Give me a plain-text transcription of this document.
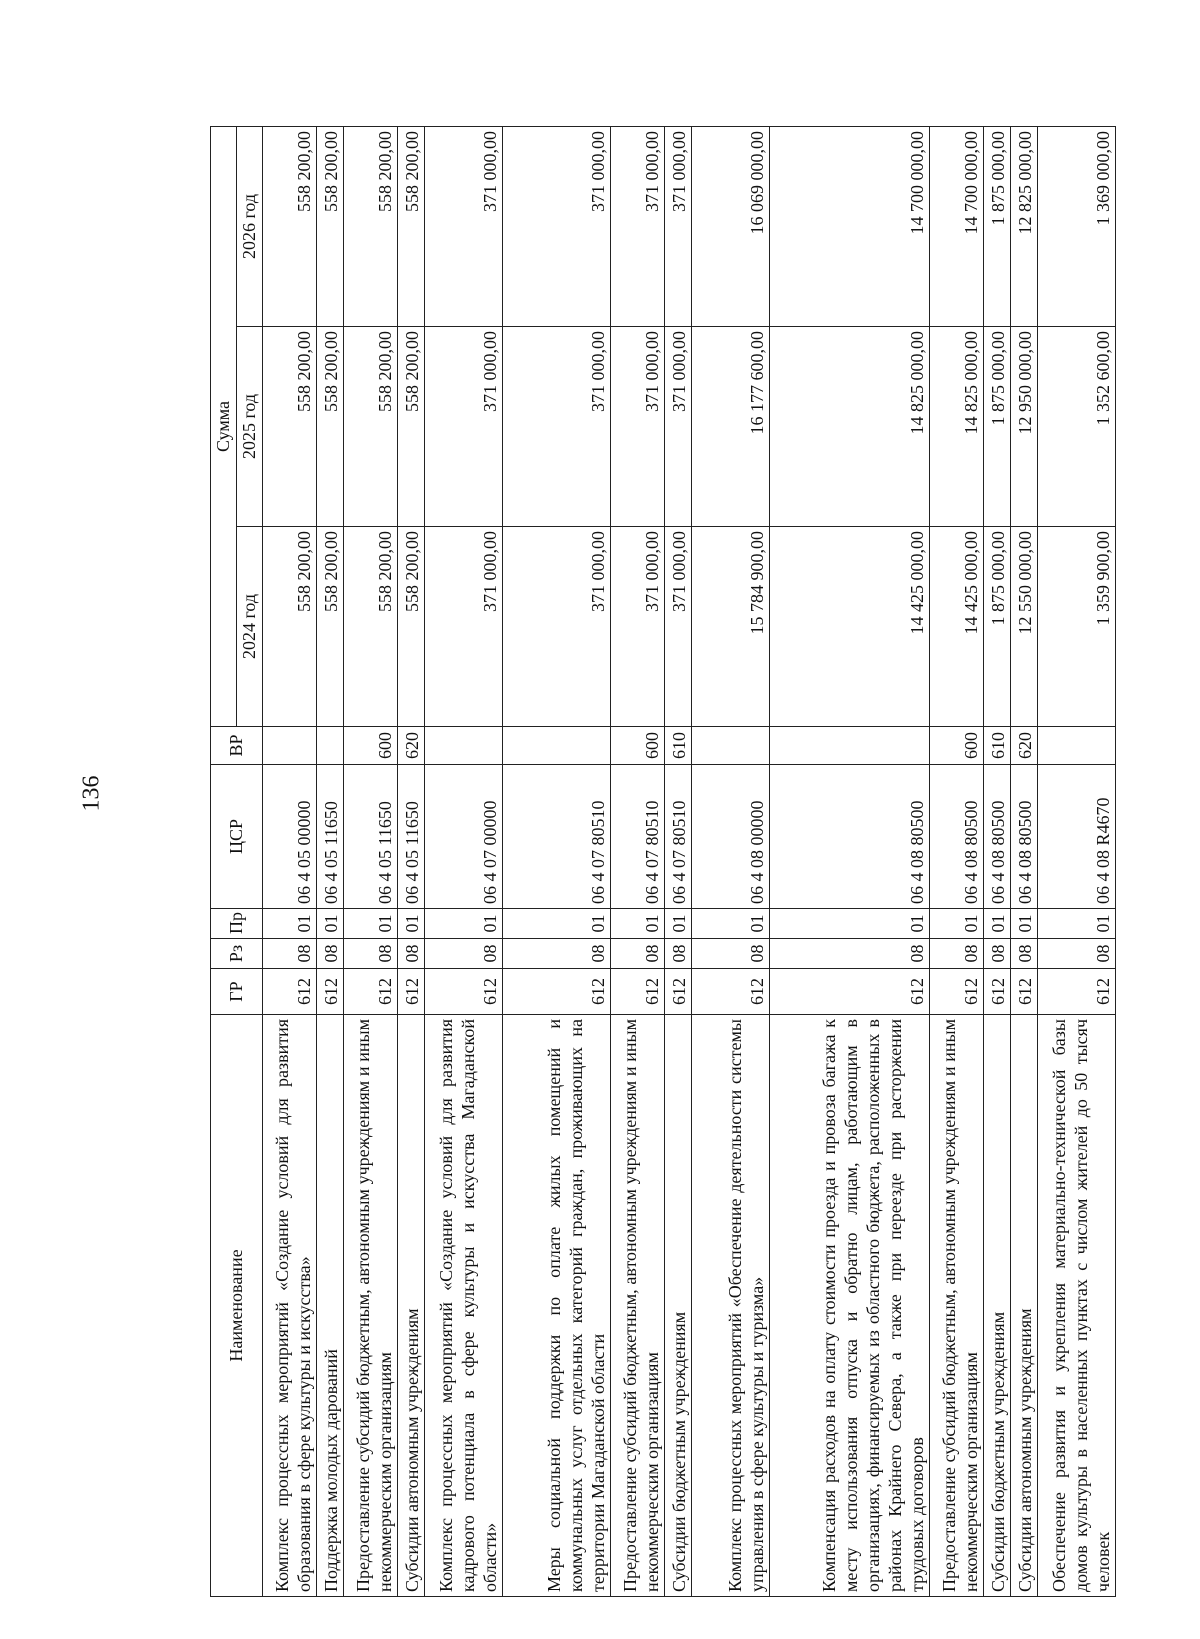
136
Наименование	ГР	Рз	Пр	ЦСР	ВР	Сумма		
						2024 год	2025 год	2026 год
Комплекс процессных мероприятий «Создание условий для развития образования в сфере культуры и искусства»	612	08	01	06 4 05 00000		558 200,00	558 200,00	558 200,00
Поддержка молодых дарований	612	08	01	06 4 05 11650		558 200,00	558 200,00	558 200,00
Предоставление субсидий бюджетным, автономным учреждениям и иным некоммерческим организациям	612	08	01	06 4 05 11650	600	558 200,00	558 200,00	558 200,00
Субсидии автономным учреждениям	612	08	01	06 4 05 11650	620	558 200,00	558 200,00	558 200,00
Комплекс процессных мероприятий «Создание условий для развития кадрового потенциала в сфере культуры и искусства Магаданской области»	612	08	01	06 4 07 00000		371 000,00	371 000,00	371 000,00
Меры социальной поддержки по оплате жилых помещений и коммунальных услуг отдельных категорий граждан, проживающих на территории Магаданской области	612	08	01	06 4 07 80510		371 000,00	371 000,00	371 000,00
Предоставление субсидий бюджетным, автономным учреждениям и иным некоммерческим организациям	612	08	01	06 4 07 80510	600	371 000,00	371 000,00	371 000,00
Субсидии бюджетным учреждениям	612	08	01	06 4 07 80510	610	371 000,00	371 000,00	371 000,00
Комплекс процессных мероприятий «Обеспечение деятельности системы управления в сфере культуры и туризма»	612	08	01	06 4 08 00000		15 784 900,00	16 177 600,00	16 069 000,00
Компенсация расходов на оплату стоимости проезда и провоза багажа к месту использования отпуска и обратно лицам, работающим в организациях, финансируемых из областного бюджета, расположенных в районах Крайнего Севера, а также при переезде при расторжении трудовых договоров	612	08	01	06 4 08 80500		14 425 000,00	14 825 000,00	14 700 000,00
Предоставление субсидий бюджетным, автономным учреждениям и иным некоммерческим организациям	612	08	01	06 4 08 80500	600	14 425 000,00	14 825 000,00	14 700 000,00
Субсидии бюджетным учреждениям	612	08	01	06 4 08 80500	610	1 875 000,00	1 875 000,00	1 875 000,00
Субсидии автономным учреждениям	612	08	01	06 4 08 80500	620	12 550 000,00	12 950 000,00	12 825 000,00
Обеспечение развития и укрепления материально-технической базы домов культуры в населенных пунктах с числом жителей до 50 тысяч человек	612	08	01	06 4 08 R4670		1 359 900,00	1 352 600,00	1 369 000,00
